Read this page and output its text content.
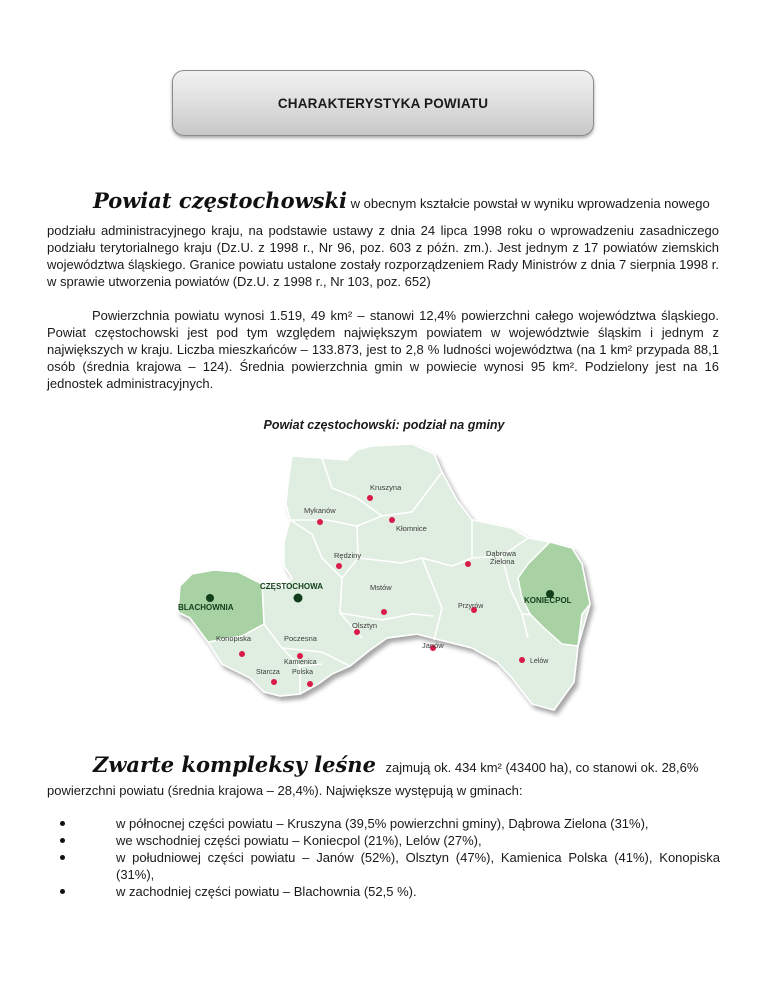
CHARAKTERYSTYKA POWIATU
Powiat częstochowski w obecnym kształcie powstał w wyniku wprowadzenia nowego
podziału administracyjnego kraju, na podstawie ustawy z dnia 24 lipca 1998 roku o wprowadzeniu zasadniczego podziału terytorialnego kraju (Dz.U. z 1998 r., Nr 96, poz. 603 z późn. zm.). Jest jednym z 17 powiatów ziemskich województwa śląskiego. Granice powiatu ustalone zostały rozporządzeniem Rady Ministrów z dnia 7 sierpnia 1998 r. w sprawie utworzenia powiatów (Dz.U. z 1998 r., Nr 103, poz. 652)
Powierzchnia powiatu wynosi 1.519, 49 km² – stanowi 12,4% powierzchni całego województwa śląskiego. Powiat częstochowski jest pod tym względem największym powiatem w województwie śląskim i jednym z największych w kraju. Liczba mieszkańców – 133.873, jest to 2,8 % ludności województwa (na 1 km² przypada 88,1 osób (średnia krajowa – 124). Średnia powierzchnia gmin w powiecie wynosi 95 km². Podzielony jest na 16 jednostek administracyjnych.
Powiat częstochowski: podział na gminy
Kruszyna
Mykanów
Kłomnice
Rędziny	Dąbrowa
Zielona
Mstów
Przyrów
Olsztyn
Konopiska	Poczesna
Janów
Lelów
Kamienica
Starcza Polska
CZĘSTOCHOWA
BLACHOWNIA
KONIECPOL
Zwarte kompleksy leśne zajmują ok. 434 km² (43400 ha), co stanowi ok. 28,6%
powierzchni powiatu (średnia krajowa – 28,4%). Największe występują w gminach:
w północnej części powiatu – Kruszyna (39,5% powierzchni gminy), Dąbrowa Zielona (31%),
we wschodniej części powiatu – Koniecpol (21%), Lelów (27%),
w południowej części powiatu – Janów (52%), Olsztyn (47%), Kamienica Polska (41%), Konopiska (31%),
w zachodniej części powiatu – Blachownia (52,5 %).
